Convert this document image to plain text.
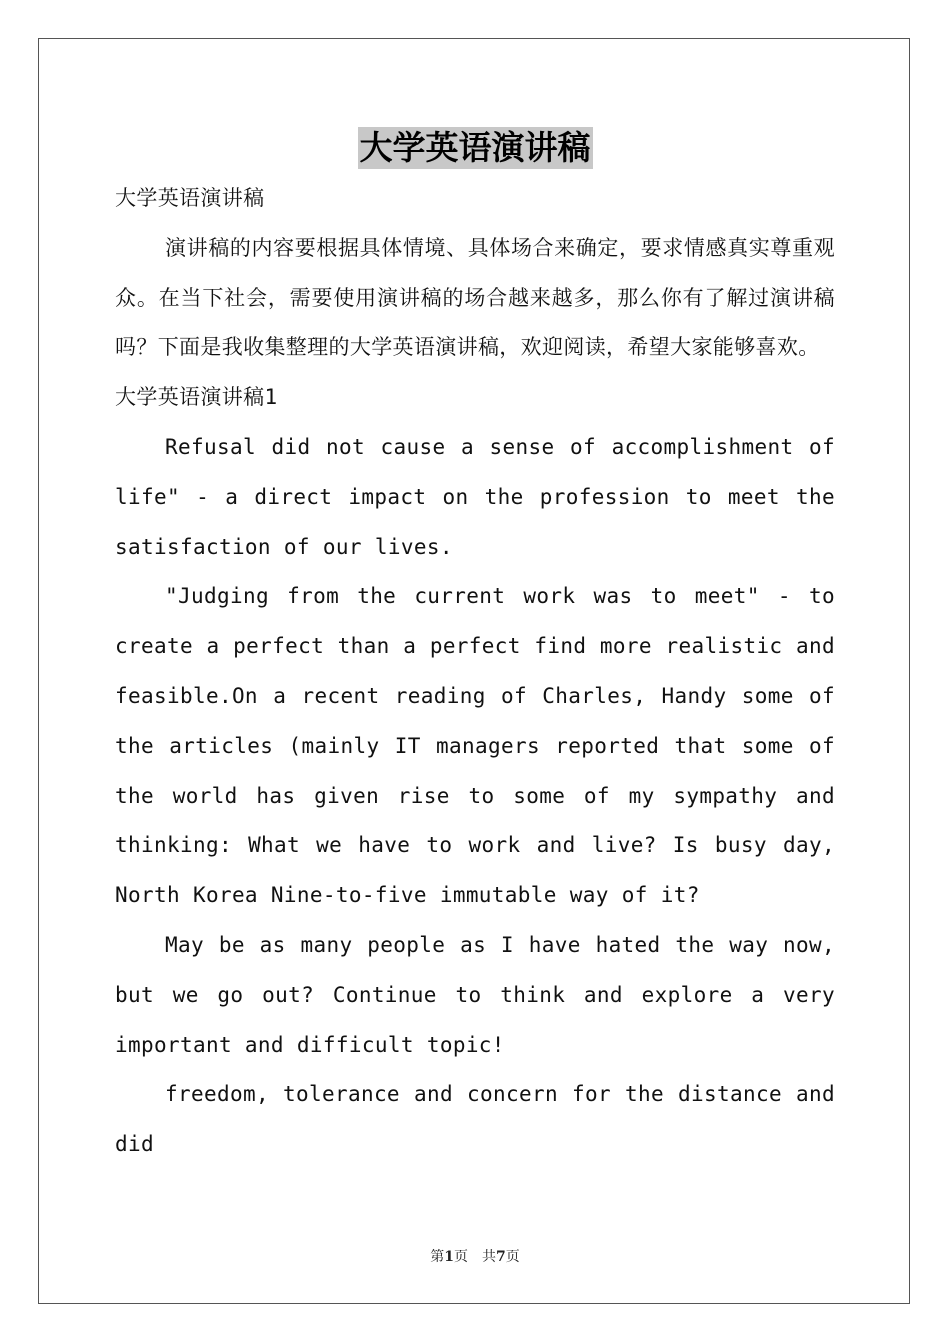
大学英语演讲稿

大学英语演讲稿

演讲稿的内容要根据具体情境、具体场合来确定，要求情感真实尊重观众。在当下社会，需要使用演讲稿的场合越来越多，那么你有了解过演讲稿吗？下面是我收集整理的大学英语演讲稿，欢迎阅读，希望大家能够喜欢。

大学英语演讲稿1

Refusal did not cause a sense of accomplishment of life" - a direct impact on the profession to meet the satisfaction of our lives.

"Judging from the current work was to meet" - to create a perfect than a perfect find more realistic and feasible.On a recent reading of Charles, Handy some of the articles (mainly IT managers reported that some of the world has given rise to some of my sympathy and thinking: What we have to work and live? Is busy day, North Korea Nine-to-five immutable way of it?

May be as many people as I have hated the way now, but we go out? Continue to think and explore a very important and difficult topic!

freedom, tolerance and concern for the distance and did

第1页 共7页
